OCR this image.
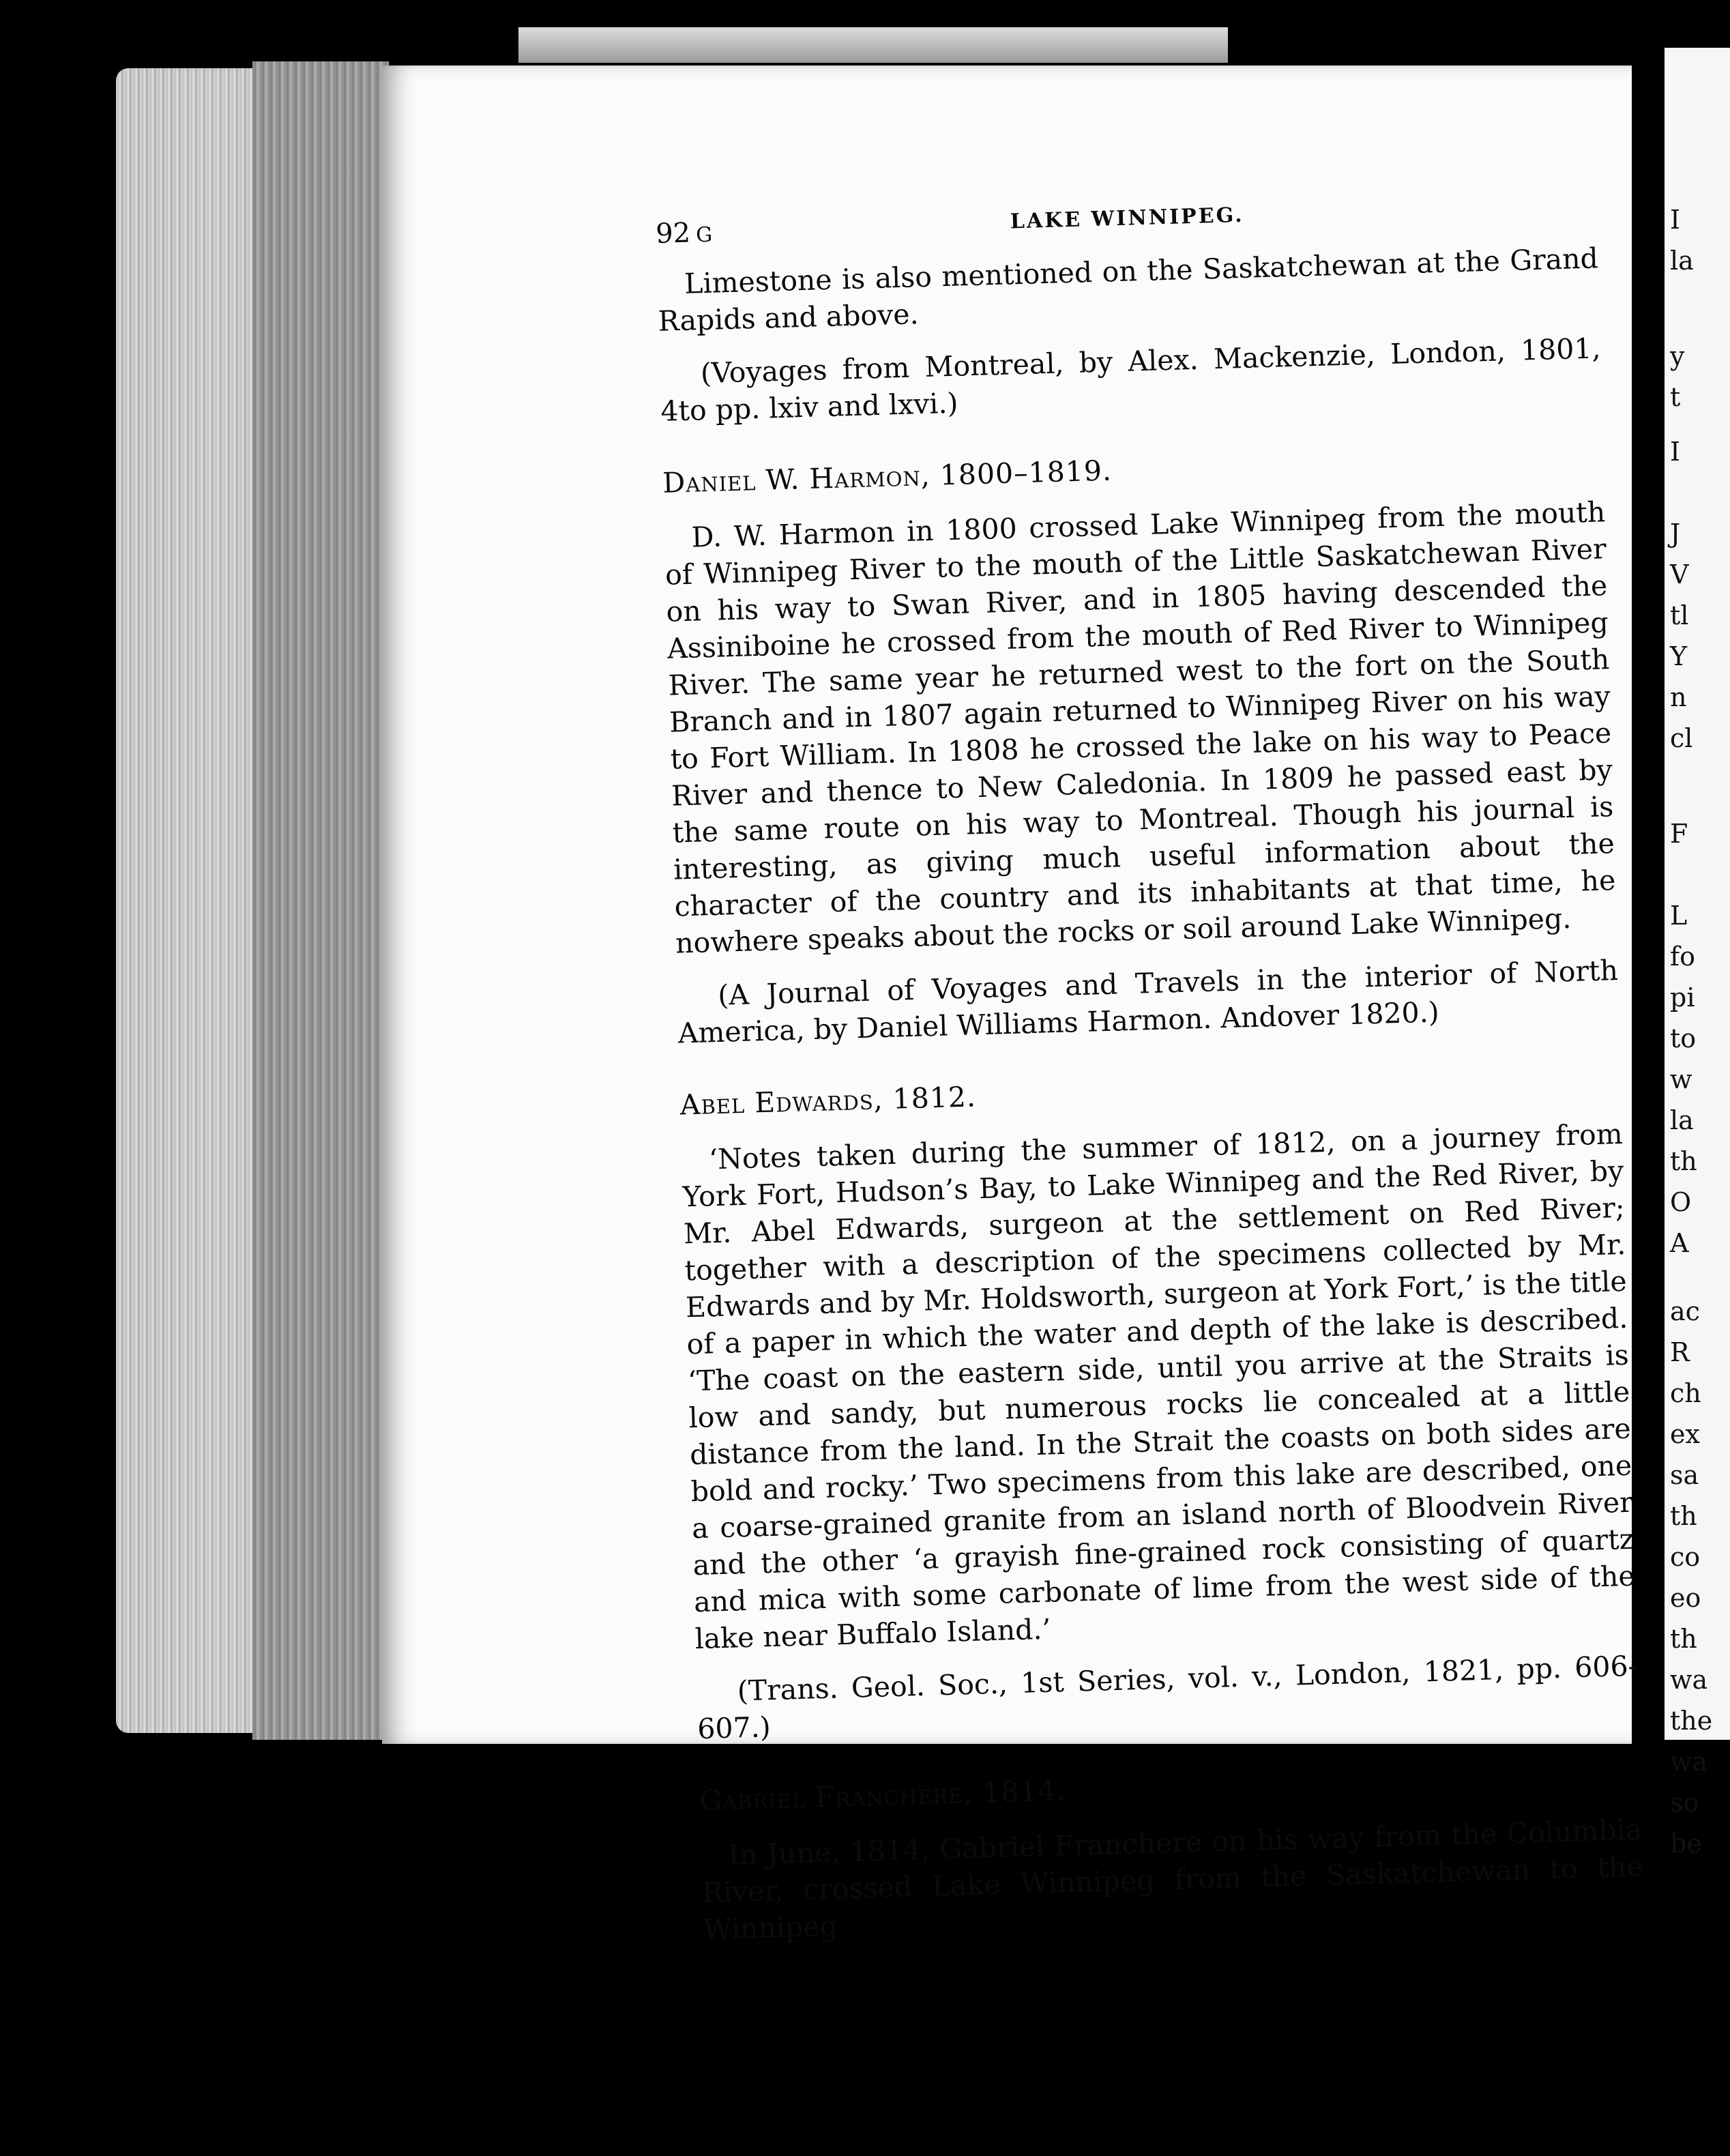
I
la
y
t
I
J
V
tl
Y
n
cl
F
L
fo
pi
to
w
la
th
O
A
ac
R
ch
ex
sa
th
co
eo
th
wa
the
wa
so
be
92 G
LAKE WINNIPEG.

Limestone is also mentioned on the Saskatchewan at the Grand Rapids and above.

(Voyages from Montreal, by Alex. Mackenzie, London, 1801, 4to pp. lxiv and lxvi.)

Daniel W. Harmon, 1800–1819.

D. W. Harmon in 1800 crossed Lake Winnipeg from the mouth of Winnipeg River to the mouth of the Little Saskatchewan River on his way to Swan River, and in 1805 having descended the Assiniboine he crossed from the mouth of Red River to Winnipeg River. The same year he returned west to the fort on the South Branch and in 1807 again returned to Winnipeg River on his way to Fort William. In 1808 he crossed the lake on his way to Peace River and thence to New Caledonia. In 1809 he passed east by the same route on his way to Montreal. Though his journal is interesting, as giving much useful information about the character of the country and its inhabitants at that time, he nowhere speaks about the rocks or soil around Lake Winnipeg.

(A Journal of Voyages and Travels in the interior of North America, by Daniel Williams Harmon. Andover 1820.)

Abel Edwards, 1812.

‘Notes taken during the summer of 1812, on a journey from York Fort, Hudson’s Bay, to Lake Winnipeg and the Red River, by Mr. Abel Edwards, surgeon at the settlement on Red River; together with a description of the specimens collected by Mr. Edwards and by Mr. Holdsworth, surgeon at York Fort,’ is the title of a paper in which the water and depth of the lake is described. ‘The coast on the eastern side, until you arrive at the Straits is low and sandy, but numerous rocks lie concealed at a little distance from the land. In the Strait the coasts on both sides are bold and rocky.’ Two specimens from this lake are described, one a coarse-grained granite from an island north of Bloodvein River and the other ‘a grayish fine-grained rock consisting of quartz and mica with some carbonate of lime from the west side of the lake near Buffalo Island.’

(Trans. Geol. Soc., 1st Series, vol. v., London, 1821, pp. 606-607.)

Gabriel Franchere, 1814.

In June, 1814, Gabriel Franchere on his way from the Columbia River, crossed Lake Winnipeg from the Saskatchewan to the Winnipeg
